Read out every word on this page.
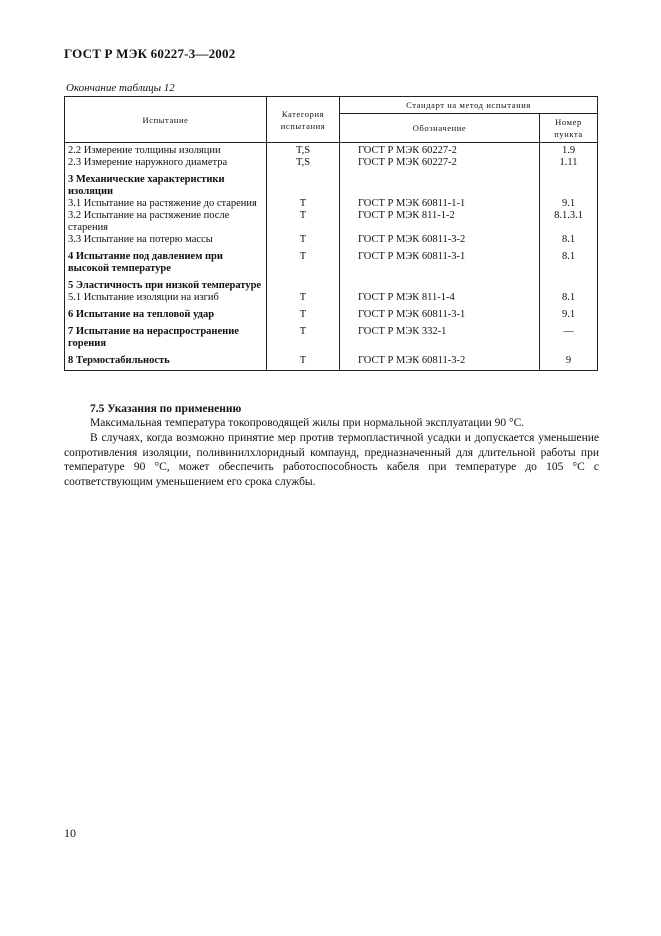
ГОСТ Р МЭК 60227-3—2002
Окончание таблицы 12
Испытание	Категория испытания	Стандарт на метод испытания	
		Обозначение	Номер пункта
2.2 Измерение толщины изоляции	T,S	ГОСТ Р МЭК 60227-2	1.9
2.3 Измерение наружного диаметра	T,S	ГОСТ Р МЭК 60227-2	1.11
3 Механические характеристики изоляции			
3.1 Испытание на растяжение до старения	Т	ГОСТ Р МЭК 60811-1-1	9.1
3.2 Испытание на растяжение после старения	Т	ГОСТ Р МЭК 811-1-2	8.1.3.1
3.3 Испытание на потерю массы	Т	ГОСТ Р МЭК 60811-3-2	8.1
4 Испытание под давлением при высокой температуре	Т	ГОСТ Р МЭК 60811-3-1	8.1
5 Эластичность при низкой температуре			
5.1 Испытание изоляции на изгиб	Т	ГОСТ Р МЭК 811-1-4	8.1
6 Испытание на тепловой удар	Т	ГОСТ Р МЭК 60811-3-1	9.1
7 Испытание на нераспространение горения	Т	ГОСТ Р МЭК 332-1	—
8 Термостабильность	Т	ГОСТ Р МЭК 60811-3-2	9
7.5 Указания по применению

Максимальная температура токопроводящей жилы при нормальной эксплуатации 90 °С.

В случаях, когда возможно принятие мер против термопластичной усадки и допускается уменьшение сопротивления изоляции, поливинилхлоридный компаунд, предназначенный для длительной работы при температуре 90 °С, может обеспечить работоспособность кабеля при температуре до 105 °С с соответствующим уменьшением его срока службы.

10
